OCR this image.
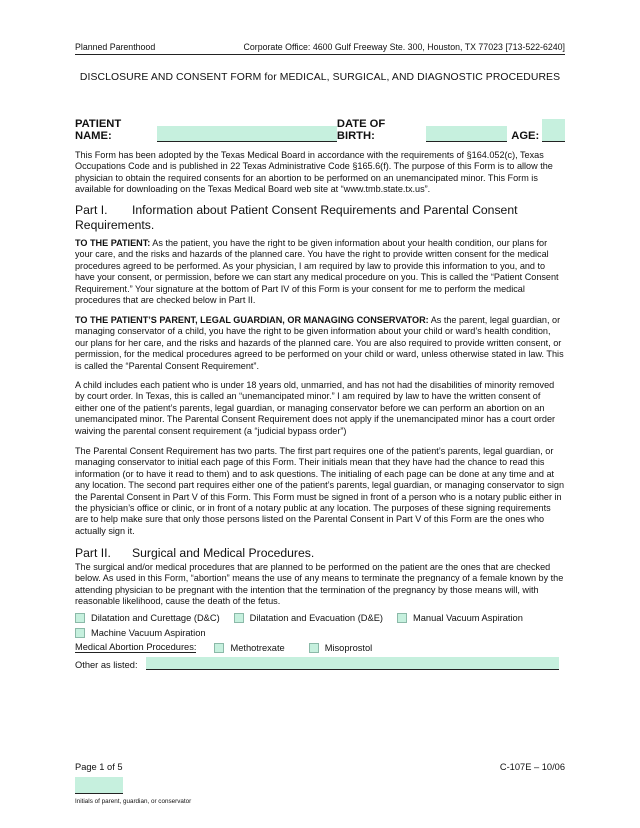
Planned Parenthood	Corporate Office: 4600 Gulf Freeway Ste. 300, Houston, TX 77023 [713-522-6240]
DISCLOSURE AND CONSENT FORM for MEDICAL, SURGICAL, AND DIAGNOSTIC PROCEDURES
PATIENT NAME:
DATE OF BIRTH:	AGE:

This Form has been adopted by the Texas Medical Board in accordance with the requirements of §164.052(c), Texas Occupations Code and is published in 22 Texas Administrative Code §165.6(f). The purpose of this Form is to allow the physician to obtain the required consents for an abortion to be performed on an unemancipated minor. This Form is available for downloading on the Texas Medical Board web site at “www.tmb.state.tx.us”.

Part I. Information about Patient Consent Requirements and Parental Consent Requirements.

TO THE PATIENT: As the patient, you have the right to be given information about your health condition, our plans for your care, and the risks and hazards of the planned care. You have the right to provide written consent for the medical procedures agreed to be performed. As your physician, I am required by law to provide this information to you, and to have your consent, or permission, before we can start any medical procedure on you. This is called the “Patient Consent Requirement.” Your signature at the bottom of Part IV of this Form is your consent for me to perform the medical procedures that are checked below in Part II.

TO THE PATIENT’S PARENT, LEGAL GUARDIAN, OR MANAGING CONSERVATOR: As the parent, legal guardian, or managing conservator of a child, you have the right to be given information about your child or ward’s health condition, our plans for her care, and the risks and hazards of the planned care. You are also required to provide written consent, or permission, for the medical procedures agreed to be performed on your child or ward, unless otherwise stated in law. This is called the “Parental Consent Requirement”.

A child includes each patient who is under 18 years old, unmarried, and has not had the disabilities of minority removed by court order. In Texas, this is called an “unemancipated minor.” I am required by law to have the written consent of either one of the patient’s parents, legal guardian, or managing conservator before we can perform an abortion on an unemancipated minor. The Parental Consent Requirement does not apply if the unemancipated minor has a court order waiving the parental consent requirement (a “judicial bypass order”)

The Parental Consent Requirement has two parts. The first part requires one of the patient’s parents, legal guardian, or managing conservator to initial each page of this Form. Their initials mean that they have had the chance to read this information (or to have it read to them) and to ask questions. The initialing of each page can be done at any time and at any location. The second part requires either one of the patient’s parents, legal guardian, or managing conservator to sign the Parental Consent in Part V of this Form. This Form must be signed in front of a person who is a notary public either in the physician’s office or clinic, or in front of a notary public at any location. The purposes of these signing requirements are to help make sure that only those persons listed on the Parental Consent in Part V of this Form are the ones who actually sign it.

Part II. Surgical and Medical Procedures.

The surgical and/or medical procedures that are planned to be performed on the patient are the ones that are checked below. As used in this Form, “abortion” means the use of any means to terminate the pregnancy of a female known by the attending physician to be pregnant with the intention that the termination of the pregnancy by those means will, with reasonable likelihood, cause the death of the fetus.

Dilatation and Curettage (D&C)	Dilatation and Evacuation (D&E)	Manual Vacuum Aspiration
Machine Vacuum Aspiration
Medical Abortion Procedures:	Methotrexate	Misoprostol
Other as listed:
Page 1 of 5	C-107E – 10/06
Initials of parent, guardian, or conservator
